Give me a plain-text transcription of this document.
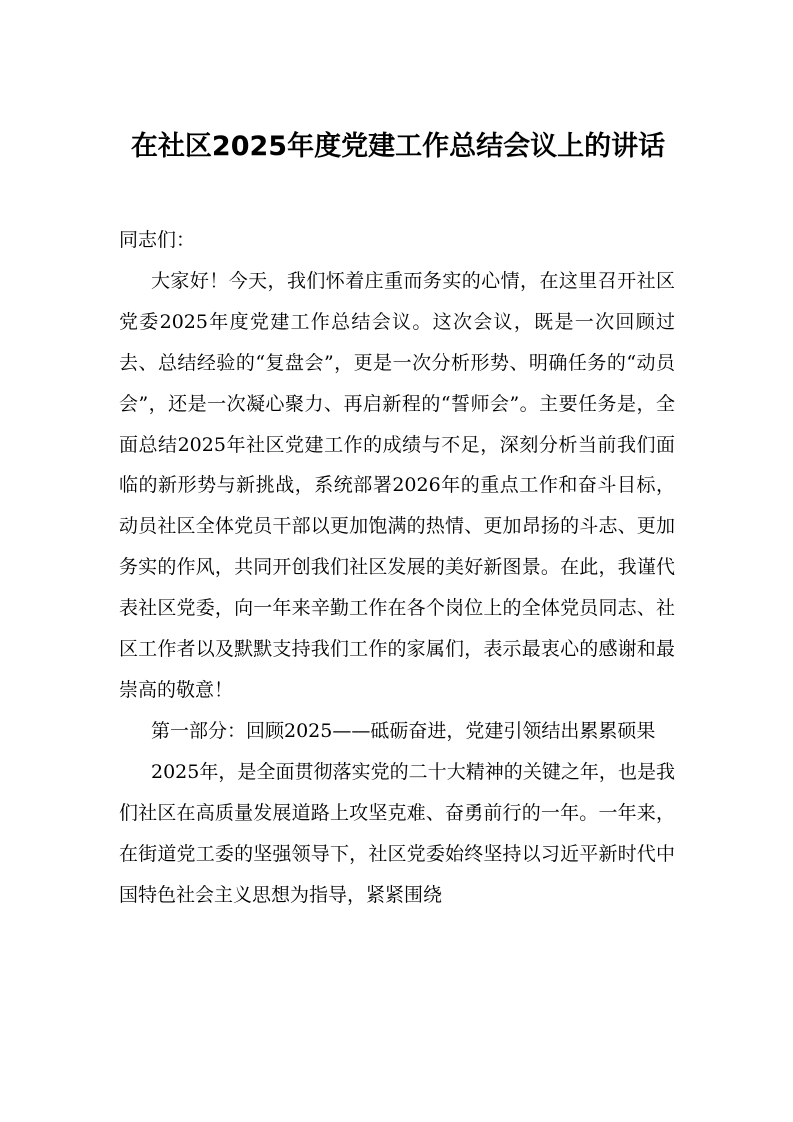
在社区2025年度党建工作总结会议上的讲话

同志们：

大家好！今天，我们怀着庄重而务实的心情，在这里召开社区党委2025年度党建工作总结会议。这次会议，既是一次回顾过去、总结经验的“复盘会”，更是一次分析形势、明确任务的“动员会”，还是一次凝心聚力、再启新程的“誓师会”。主要任务是，全面总结2025年社区党建工作的成绩与不足，深刻分析当前我们面临的新形势与新挑战，系统部署2026年的重点工作和奋斗目标，动员社区全体党员干部以更加饱满的热情、更加昂扬的斗志、更加务实的作风，共同开创我们社区发展的美好新图景。在此，我谨代表社区党委，向一年来辛勤工作在各个岗位上的全体党员同志、社区工作者以及默默支持我们工作的家属们，表示最衷心的感谢和最崇高的敬意！

第一部分：回顾2025——砥砺奋进，党建引领结出累累硕果

2025年，是全面贯彻落实党的二十大精神的关键之年，也是我们社区在高质量发展道路上攻坚克难、奋勇前行的一年。一年来，在街道党工委的坚强领导下，社区党委始终坚持以习近平新时代中国特色社会主义思想为指导，紧紧围绕
